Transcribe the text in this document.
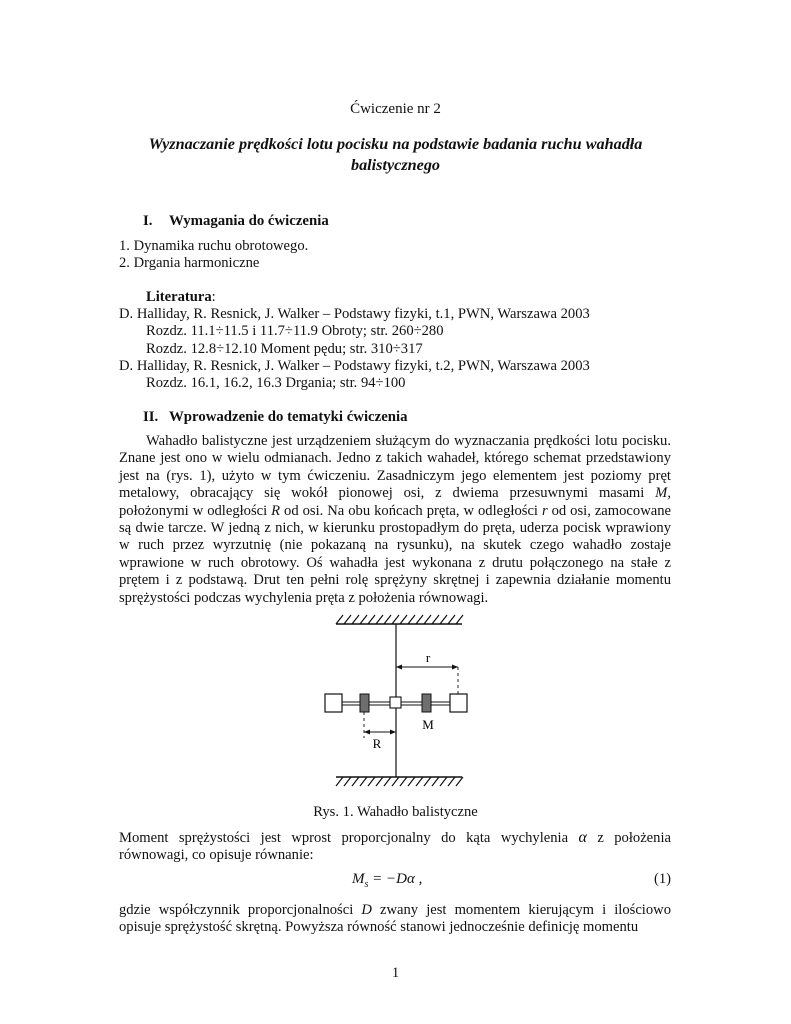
Ćwiczenie nr 2
Wyznaczanie prędkości lotu pocisku na podstawie badania ruchu wahadła balistycznego
I. Wymagania do ćwiczenia
1. Dynamika ruchu obrotowego.
2. Drgania harmoniczne
Literatura:
D. Halliday, R. Resnick, J. Walker – Podstawy fizyki, t.1, PWN, Warszawa 2003
Rozdz. 11.1÷11.5 i 11.7÷11.9 Obroty; str. 260÷280
Rozdz. 12.8÷12.10 Moment pędu; str. 310÷317
D. Halliday, R. Resnick, J. Walker – Podstawy fizyki, t.2, PWN, Warszawa 2003
Rozdz. 16.1, 16.2, 16.3 Drgania; str. 94÷100
II. Wprowadzenie do tematyki ćwiczenia
Wahadło balistyczne jest urządzeniem służącym do wyznaczania prędkości lotu pocisku. Znane jest ono w wielu odmianach. Jedno z takich wahadeł, którego schemat przedstawiony jest na (rys. 1), użyto w tym ćwiczeniu. Zasadniczym jego elementem jest poziomy pręt metalowy, obracający się wokół pionowej osi, z dwiema przesuwnymi masami M, położonymi w odległości R od osi. Na obu końcach pręta, w odległości r od osi, zamocowane są dwie tarcze. W jedną z nich, w kierunku prostopadłym do pręta, uderza pocisk wprawiony w ruch przez wyrzutnię (nie pokazaną na rysunku), na skutek czego wahadło zostaje wprawione w ruch obrotowy. Oś wahadła jest wykonana z drutu połączonego na stałe z prętem i z podstawą. Drut ten pełni rolę sprężyny skrętnej i zapewnia działanie momentu sprężystości podczas wychylenia pręta z położenia równowagi.
r
M
R
Rys. 1. Wahadło balistyczne
Moment sprężystości jest wprost proporcjonalny do kąta wychylenia α z położenia równowagi, co opisuje równanie:
$M_s = -D\alpha$ ,	(1)
gdzie współczynnik proporcjonalności D zwany jest momentem kierującym i ilościowo opisuje sprężystość skrętną. Powyższa równość stanowi jednocześnie definicję momentu
1
